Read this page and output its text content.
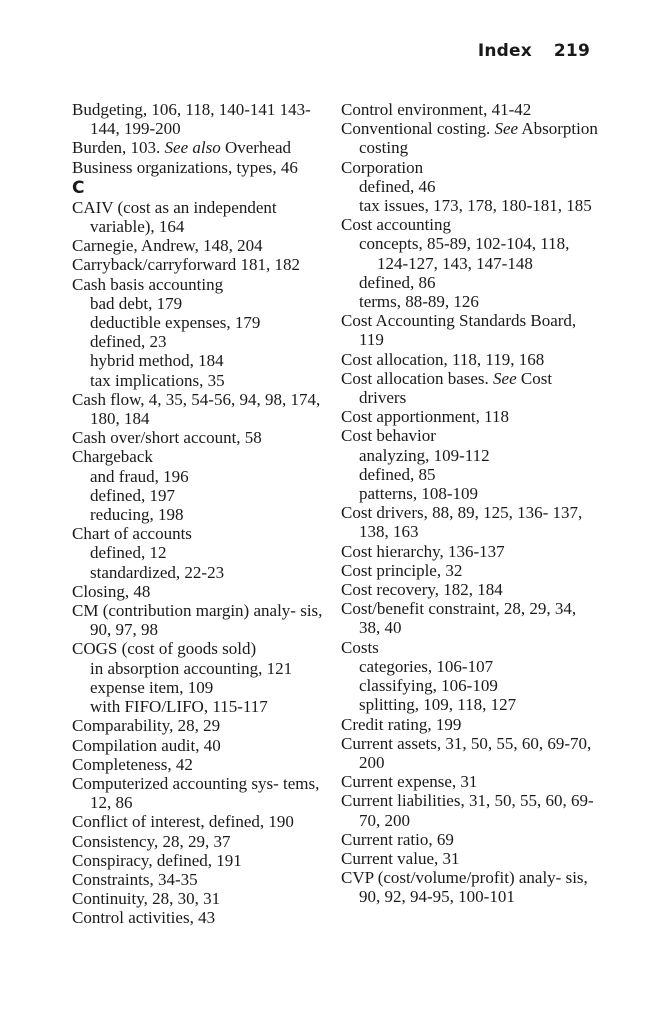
Index 219
Budgeting, 106, 118, 140-141 143-144, 199-200
Burden, 103. See also Overhead
Business organizations, types, 46
C
CAIV (cost as an independent variable), 164
Carnegie, Andrew, 148, 204
Carryback/carryforward 181, 182
Cash basis accounting
bad debt, 179
deductible expenses, 179
defined, 23
hybrid method, 184
tax implications, 35
Cash flow, 4, 35, 54-56, 94, 98, 174, 180, 184
Cash over/short account, 58
Chargeback
and fraud, 196
defined, 197
reducing, 198
Chart of accounts
defined, 12
standardized, 22-23
Closing, 48
CM (contribution margin) analy- sis, 90, 97, 98
COGS (cost of goods sold)
in absorption accounting, 121
expense item, 109
with FIFO/LIFO, 115-117
Comparability, 28, 29
Compilation audit, 40
Completeness, 42
Computerized accounting sys- tems, 12, 86
Conflict of interest, defined, 190
Consistency, 28, 29, 37
Conspiracy, defined, 191
Constraints, 34-35
Continuity, 28, 30, 31
Control activities, 43
Control environment, 41-42
Conventional costing. See Absorption costing
Corporation
defined, 46
tax issues, 173, 178, 180-181, 185
Cost accounting
concepts, 85-89, 102-104, 118, 124-127, 143, 147-148
defined, 86
terms, 88-89, 126
Cost Accounting Standards Board, 119
Cost allocation, 118, 119, 168
Cost allocation bases. See Cost drivers
Cost apportionment, 118
Cost behavior
analyzing, 109-112
defined, 85
patterns, 108-109
Cost drivers, 88, 89, 125, 136- 137, 138, 163
Cost hierarchy, 136-137
Cost principle, 32
Cost recovery, 182, 184
Cost/benefit constraint, 28, 29, 34, 38, 40
Costs
categories, 106-107
classifying, 106-109
splitting, 109, 118, 127
Credit rating, 199
Current assets, 31, 50, 55, 60, 69-70, 200
Current expense, 31
Current liabilities, 31, 50, 55, 60, 69-70, 200
Current ratio, 69
Current value, 31
CVP (cost/volume/profit) analy- sis, 90, 92, 94-95, 100-101
